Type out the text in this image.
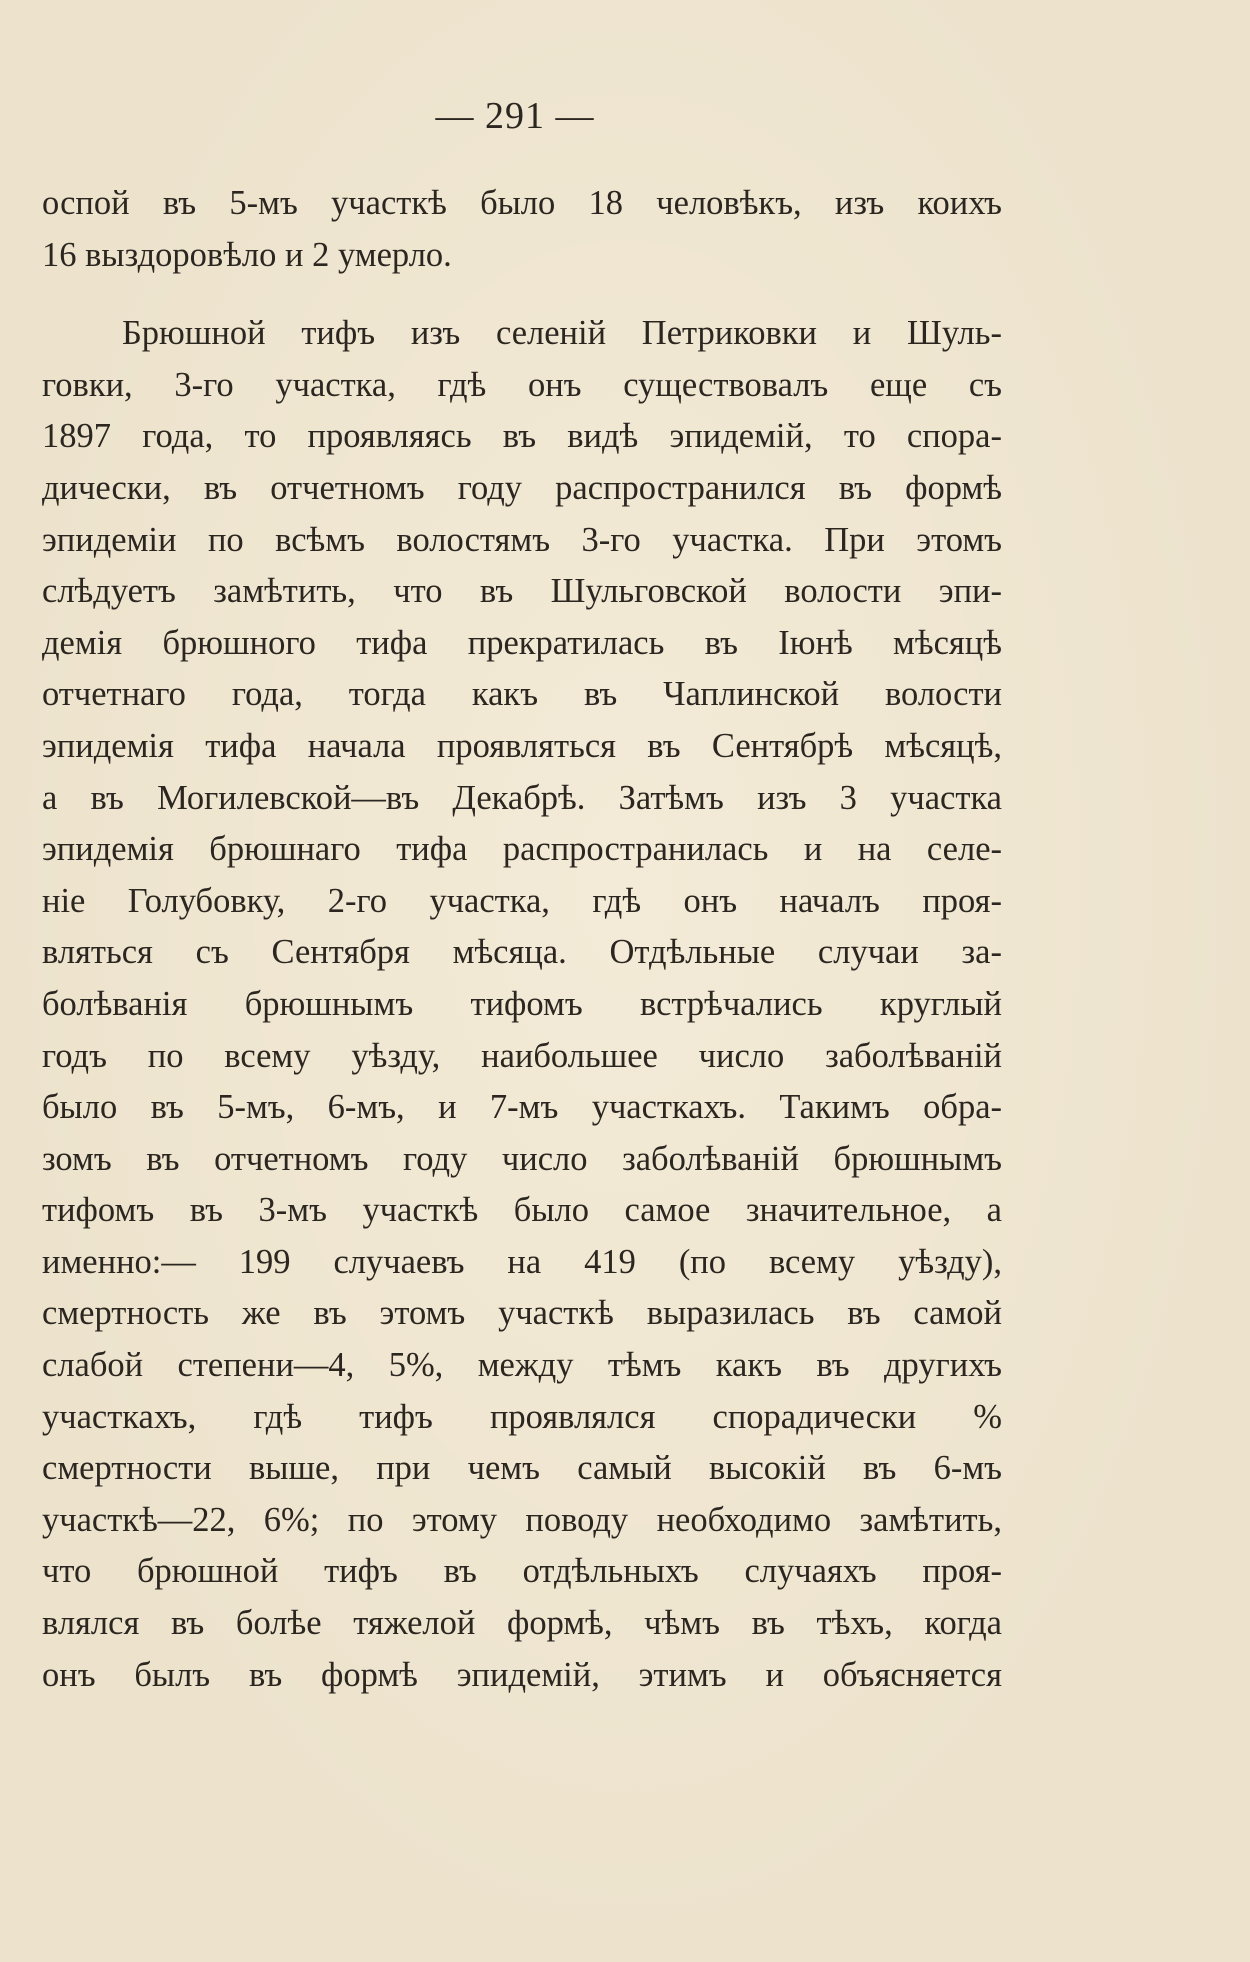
— 291 —
оспой въ 5-мъ участкѣ было 18 человѣкъ, изъ коихъ
16 выздоровѣло и 2 умерло.
Брюшной тифъ изъ селеній Петриковки и Шуль-
говки, 3-го участка, гдѣ онъ существовалъ еще съ
1897 года, то проявляясь въ видѣ эпидемій, то спора-
дически, въ отчетномъ году распространился въ формѣ
эпидеміи по всѣмъ волостямъ 3-го участка. При этомъ
слѣдуетъ замѣтить, что въ Шульговской волости эпи-
демія брюшного тифа прекратилась въ Іюнѣ мѣсяцѣ
отчетнаго года, тогда какъ въ Чаплинской волости
эпидемія тифа начала проявляться въ Сентябрѣ мѣсяцѣ,
а въ Могилевской—въ Декабрѣ. Затѣмъ изъ 3 участка
эпидемія брюшнаго тифа распространилась и на селе-
ніе Голубовку, 2-го участка, гдѣ онъ началъ проя-
вляться съ Сентября мѣсяца. Отдѣльные случаи за-
болѣванія брюшнымъ тифомъ встрѣчались круглый
годъ по всему уѣзду, наибольшее число заболѣваній
было въ 5-мъ, 6-мъ, и 7-мъ участкахъ. Такимъ обра-
зомъ въ отчетномъ году число заболѣваній брюшнымъ
тифомъ въ 3-мъ участкѣ было самое значительное, а
именно:— 199 случаевъ на 419 (по всему уѣзду),
смертность же въ этомъ участкѣ выразилась въ самой
слабой степени—4, 5%, между тѣмъ какъ въ другихъ
участкахъ, гдѣ тифъ проявлялся спорадически %
смертности выше, при чемъ самый высокій въ 6-мъ
участкѣ—22, 6%; по этому поводу необходимо замѣтить,
что брюшной тифъ въ отдѣльныхъ случаяхъ проя-
влялся въ болѣе тяжелой формѣ, чѣмъ въ тѣхъ, когда
онъ былъ въ формѣ эпидемій, этимъ и объясняется
